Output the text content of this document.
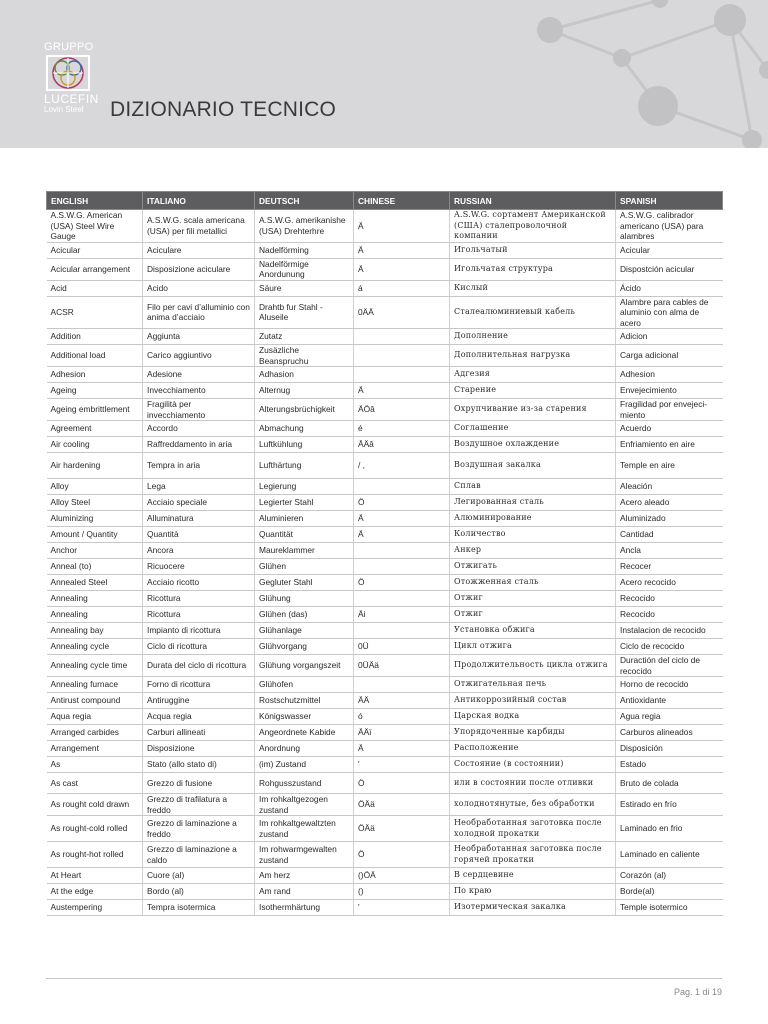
GRUPPO
LUCEFIN
Lovin Steel	DIZIONARIO TECNICO
ENGLISH	ITALIANO	DEUTSCH	CHINESE	RUSSIAN	SPANISH
A.S.W.G. American (USA) Steel Wire Gauge	A.S.W.G. scala americana (USA) per fili metallici	A.S.W.G. amerikanishe (USA) Drehterhre	Ä	A.S.W.G. сортамент Американской (США) сталепроволочной компании	A.S.W.G. calibrador americano (USA) para alambres
Acicular	Aciculare	Nadelförming	Ä	Игольчатый	Acicular
Acicular arrangement	Disposizione aciculare	Nadelförmige Anordunung	Ä	Игольчатая структура	Dispostción acicular
Acid	Acido	Säure	á	Кислый	Ácido
ACSR	Filo per cavi d’alluminio con anima d’acciaio	Drahtb fur Stahl - Aluseile	0ÄÄ	Сталеалюминиевый кабель	Alambre para cables de aluminio con alma de acero
Addition	Aggiunta	Zutatz		Дополнение	Adicion
Additional load	Carico aggiuntivo	Zusäzliche Beanspruchu		Дополнительная нагрузка	Carga adicional
Adhesion	Adesione	Adhasion		Адгезия	Adhesion
Ageing	Invecchiamento	Alternug	Ä	Старение	Envejecimiento
Ageing embrittlement	Fragilità per invecchiamento	Alterungsbrüchigkeit	ÄÖâ	Охрупчивание из-за старения	Fragilidad por envejeci-miento
Agreement	Accordo	Abmachung	é	Соглашение	Acuerdo
Air cooling	Raffreddamento in aria	Luftkühlung	ĀÄâ	Воздушное охлаждение	Enfriamiento en aire
Air hardening	Tempra in aria	Lufthärtung	/ ,	Воздушная закалка	Temple en aire
Alloy	Lega	Legierung		Сплав	Aleación
Alloy Steel	Acciaio speciale	Legierter Stahl	Ö	Легированная сталь	Acero aleado
Aluminizing	Alluminatura	Aluminieren	Ä	Алюминирование	Aluminizado
Amount / Quantity	Quantità	Quantität	Ä	Количество	Cantidad
Anchor	Ancora	Maureklammer		Анкер	Ancla
Anneal (to)	Ricuocere	Glühen		Отжигать	Recocer
Annealed Steel	Acciaio ricotto	Gegluter Stahl	Ö	Отожженная сталь	Acero recocido
Annealing	Ricottura	Glühung		Отжиг	Recocido
Annealing	Ricottura	Glühen (das)	Äi	Отжиг	Recocido
Annealing bay	Impianto di ricottura	Glühanlage		Установка обжига	Instalacion de recocido
Annealing cycle	Ciclo di ricottura	Glühvorgang	0Ü	Цикл отжига	Ciclo de recocido
Annealing cycle time	Durata del ciclo di ricottura	Glühung vorgangszeit	0ÜÄä	Продолжительность цикла отжига	Duractión del ciclo de recocido
Annealing furnace	Forno di ricottura	Glühofen		Отжигательная печь	Horno de recocido
Antirust compound	Antiruggine	Rostschutzmittel	ÄÄ	Антикоррозийный состав	Antioxidante
Aqua regia	Acqua regia	Königswasser	ó	Царская водка	Agua regia
Arranged carbides	Carburi allineati	Angeordnete Kabide	ÄÄï	Упорядоченные карбиды	Carburos alineados
Arrangement	Disposizione	Anordnung	Ä	Расположение	Disposición
As	Stato (allo stato di)	(im) Zustand	'	Состояние (в состоянии)	Estado
As cast	Grezzo di fusione	Rohgusszustand	Ö	или в состоянии после отливки	Bruto de colada
As rought cold drawn	Grezzo di trafilatura a freddo	Im rohkaltgezogen zustand	ÖÄä	холоднотянутые, без обработки	Estirado en frío
As rought-cold rolled	Grezzo di laminazione a freddo	Im rohkaltgewaltzten zustand	ÖÄä	Необработанная заготовка после холодной прокатки	Laminado en frio
As rought-hot rolled	Grezzo di laminazione a caldo	Im rohwarmgewalten zustand	Ö	Необработанная заготовка после горячей прокатки	Laminado en caliente
At Heart	Cuore (al)	Am herz	()ÖÄ	В сердцевине	Corazón (al)
At the edge	Bordo (al)	Am rand	()	По краю	Borde(al)
Austempering	Tempra isotermica	Isothermhärtung	'	Изотермическая закалка	Temple isotermico
Pag. 1 di 19
